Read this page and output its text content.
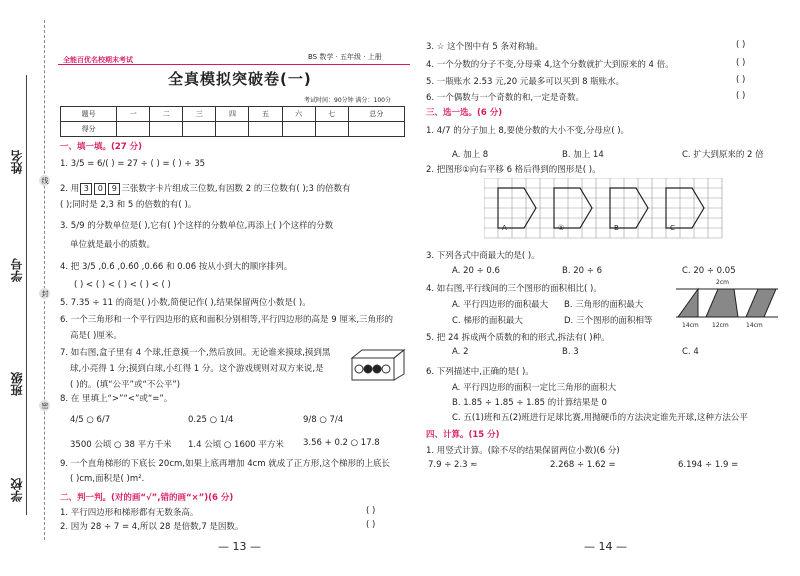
姓名
学号
班级
学校
线
封
密
全能百优名校期末考试	BS 数学 · 五年级 · 上册
全真模拟突破卷(一)
考试时间：90分钟 满分：100分
题号	一	二	三	四	五	六	七	总分
得分								
一、填一填。(27 分)
1. 3/5 = 6/( ) = 27 ÷ ( ) = ( ) ÷ 35
2. 用 3 0 9 三张数字卡片组成三位数,有因数 2 的三位数有( );3 的倍数有
( );同时是 2,3 和 5 的倍数的有( )。
3. 5/9 的分数单位是( ),它有( )个这样的分数单位,再添上( )个这样的分数
单位就是最小的质数。
4. 把 3/5 ,0.6̇ ,0.6̇0̇ ,0.66 和 0.06̇ 按从小到大的顺序排列。
( ) < ( ) < ( ) < ( ) < ( )
5. 7.35 ÷ 11 的商是( )小数,简便记作( ),结果保留两位小数是( )。
6. 一个三角形和一个平行四边形的底和面积分别相等,平行四边形的高是 9 厘米,三角形的
高是( )厘米。
7. 如右图,盒子里有 4 个球,任意摸一个,然后放回。无论谁来摸球,摸到黑
球,小亮得 1 分;摸到白球,小红得 1 分。这个游戏规则对双方来说,是
( )的。(填“公平”或“不公平”)
8. 在 里填上“>”“<”或“=”。
4/5 ○ 6/7	0.25 ○ 1/4	9/8 ○ 7/4
3500 公顷 ○ 38 平方千米 1.4 公顷 ○ 1600 平方米 3.56 + 0.2 ○ 17.8
9. 一个直角梯形的下底长 20cm,如果上底再增加 4cm 就成了正方形,这个梯形的上底长
( )cm,面积是( )m².
二、判一判。(对的画“√”,错的画“×”)(6 分)
1. 平行四边形和梯形都有无数条高。	( )
2. 因为 28 ÷ 7 = 4,所以 28 是倍数,7 是因数。	( )
— 13 —
3. ☆ 这个图中有 5 条对称轴。	( )
4. 一个分数的分子不变,分母乘 4,这个分数就扩大到原来的 4 倍。	( )
5. 一瓶账水 2.53 元,20 元最多可以买到 8 瓶账水。	( )
6. 一个偶数与一个奇数的和,一定是奇数。	( )
三、选一选。(6 分)
1. 4/7 的分子加上 8,要使分数的大小不变,分母应( )。
A. 加上 8	B. 加上 14	C. 扩大到原来的 2 倍
2. 把图形①向右平移 6 格后得到的图形是( )。
A	①	B	C
3. 下列各式中商最大的是( )。
A. 20 ÷ 0.6	B. 20 ÷ 6	C. 20 ÷ 0.05
4. 如右图,平行线间的三个图形的面积相比( )。
A. 平行四边形的面积最大 B. 三角形的面积最大
C. 梯形的面积最大	D. 三个图形的面积相等
2cm
14cm 12cm	14cm
5. 把 24 拆成两个质数的和的形式,拆法有( )种。
A. 2	B. 3	C. 4
6. 下列描述中,正确的是( )。
A. 平行四边形的面积一定比三角形的面积大
B. 1.85 ÷ 1.85 ÷ 1.85 的计算结果是 0
C. 五(1)班和五(2)班进行足球比赛,用抛硬币的方法决定谁先开球,这种方法公平
四、计算。(15 分)
1. 用竖式计算。(除不尽的结果保留两位小数)(6 分)
7.9 ÷ 2.3 ≈	2.268 ÷ 1.62 =	6.194 ÷ 1.9 =
— 14 —
